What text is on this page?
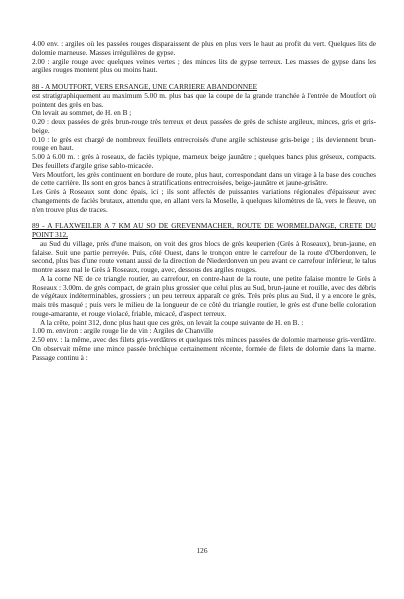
4.00 env. : argiles où les passées rouges disparaissent de plus en plus vers le haut au profit du vert. Quelques lits de dolomie marneuse. Masses irrégulières de gypse.

2.00 : argile rouge avec quelques veines vertes ; des minces lits de gypse terreux. Les masses de gypse dans les argiles rouges montent plus ou moins haut.

88 - A MOUTFORT, VERS ERSANGE, UNE CARRIERE ABANDONNEE

est stratigraphiquement au maximum 5.00 m. plus bas que la coupe de la grande tranchée à l'entrée de Moutfort où pointent des grès en bas.

On levait au sommet, de H. en B ;

0.20 : deux passées de grès brun-rouge très terreux et deux passées de grès de schiste argileux, minces, gris et gris-beige.

0.10 : le grès est chargé de nombreux feuillets entrecroisés d'une argile schisteuse gris-beige ; ils deviennent brun-rouge en haut.

5.00 à 6.00 m. : grès à roseaux, de faciès typique, marneux beige jaunâtre ; quelques bancs plus gréseux, compacts. Des feuillets d'argile grise sablo-micacée.

Vers Moutfort, les grès continuent en bordure de route, plus haut, correspondant dans un virage à la base des couches de cette carrière. Ils sont en gros bancs à stratifications entrecroisées, beige-jaunâtre et jaune-grisâtre.

Les Grès à Roseaux sont donc épais, ici ; ils sont affectés de puissantes variations régionales d'épaisseur avec changements de faciès brutaux, attendu que, en allant vers la Moselle, à quelques kilomètres de là, vers le fleuve, on n'en trouve plus de traces.

89 - A FLAXWEILER A 7 KM AU SO DE GREVENMACHER, ROUTE DE WORMELDANGE, CRETE DU POINT 312,

au Sud du village, près d'une maison, on voit des gros blocs de grès keuperien (Grès à Roseaux), brun-jaune, en falaise. Suit une partie perreyée. Puis, côté Ouest, dans le tronçon entre le carrefour de la route d'Oberdonven, le second, plus bas d'une route venant aussi de la direction de Niederdonven un peu avant ce carrefour inférieur, le talus montre assez mal le Grès à Roseaux, rouge, avec, dessous des argiles rouges.

A la corne NE de ce triangle routier, au carrefour, en contre-haut de la route, une petite falaise montre le Grès à Roseaux : 3.00m. de grès compact, de grain plus grossier que celui plus au Sud, brun-jaune et rouille, avec des débris de végétaux indéterminables, grossiers ; un peu terreux apparaît ce grès. Très près plus au Sud, il y a encore le grès, mais très masqué ; puis vers le milieu de la longueur de ce côté du triangle routier, le grès est d'une belle coloration rouge-amarante, et rouge violacé, friable, micacé, d'aspect terreux.

A la crête, point 312, donc plus haut que ces grès, on levait la coupe suivante de H. en B. :

1.00 m. environ : argile rouge lie de vin : Argiles de Chanville

2.50 env. : la même, avec des filets gris-verdâtres et quelques très minces passées de dolomie marneuse gris-verdâtre. On observait même une mince passée bréchique certainement récente, formée de filets de dolomie dans la marne. Passage continu à :

126
